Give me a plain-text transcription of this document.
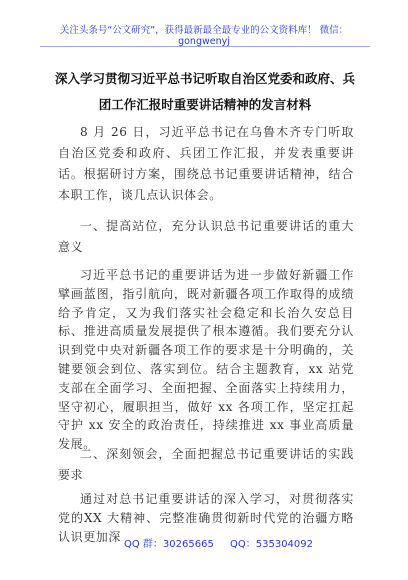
关注头条号“公文研究”，获得最新最全最专业的公文资料库！ 微信：gongwenyj
深入学习贯彻习近平总书记听取自治区党委和政府、兵团工作汇报时重要讲话精神的发言材料
8 月 26 日，习近平总书记在乌鲁木齐专门听取自治区党委和政府、兵团工作汇报，并发表重要讲话。根据研讨方案，围绕总书记重要讲话精神，结合本职工作，谈几点认识体会。
一、提高站位，充分认识总书记重要讲话的重大意义
习近平总书记的重要讲话为进一步做好新疆工作擘画蓝图，指引航向，既对新疆各项工作取得的成绩给予肯定，又为我们落实社会稳定和长治久安总目标、推进高质量发展提供了根本遵循。我们要充分认识到党中央对新疆各项工作的要求是十分明确的，关键要领会到位、落实到位。结合主题教育，xx 站党支部在全面学习、全面把握、全面落实上持续用力，坚守初心，履职担当，做好 xx 各项工作，坚定扛起守护 xx 安全的政治责任，持续推进 xx 事业高质量发展。
二、深刻领会，全面把握总书记重要讲话的实践要求
通过对总书记重要讲话的深入学习，对贯彻落实党的XX 大精神、完整准确贯彻新时代党的治疆方略认识更加深
QQ 群：30265665 QQ：535304092
